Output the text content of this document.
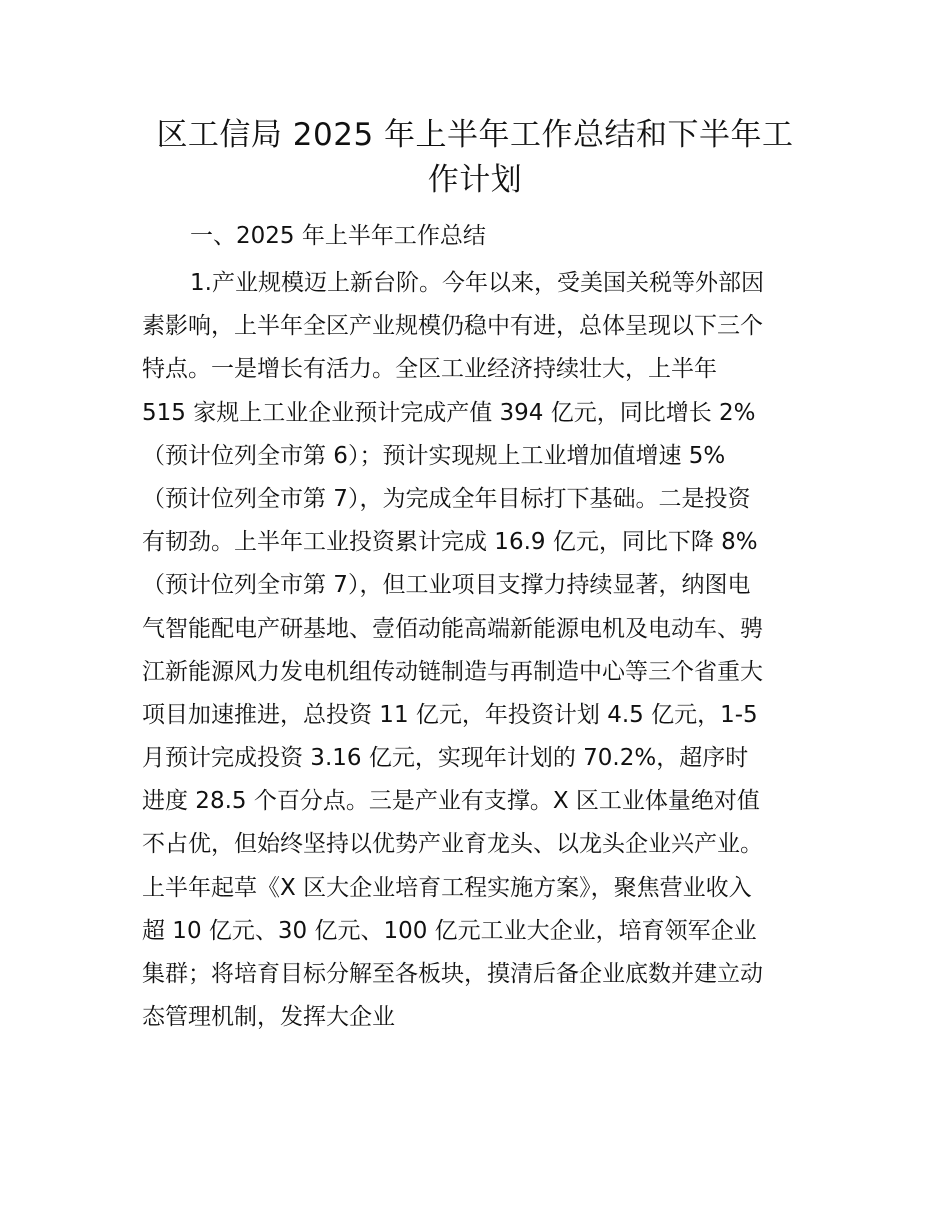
区工信局 2025 年上半年工作总结和下半年工
作计划
一、2025 年上半年工作总结
1.产业规模迈上新台阶。今年以来，受美国关税等外部因
素影响，上半年全区产业规模仍稳中有进，总体呈现以下三个
特点。一是增长有活力。全区工业经济持续壮大，上半年
515 家规上工业企业预计完成产值 394 亿元，同比增长 2%
（预计位列全市第 6）；预计实现规上工业增加值增速 5%
（预计位列全市第 7），为完成全年目标打下基础。二是投资
有韧劲。上半年工业投资累计完成 16.9 亿元，同比下降 8%
（预计位列全市第 7），但工业项目支撑力持续显著，纳图电
气智能配电产研基地、壹佰动能高端新能源电机及电动车、骋
江新能源风力发电机组传动链制造与再制造中心等三个省重大
项目加速推进，总投资 11 亿元，年投资计划 4.5 亿元，1-5
月预计完成投资 3.16 亿元，实现年计划的 70.2%，超序时
进度 28.5 个百分点。三是产业有支撑。X 区工业体量绝对值
不占优，但始终坚持以优势产业育龙头、以龙头企业兴产业。
上半年起草《X 区大企业培育工程实施方案》，聚焦营业收入
超 10 亿元、30 亿元、100 亿元工业大企业，培育领军企业
集群；将培育目标分解至各板块，摸清后备企业底数并建立动
态管理机制，发挥大企业
